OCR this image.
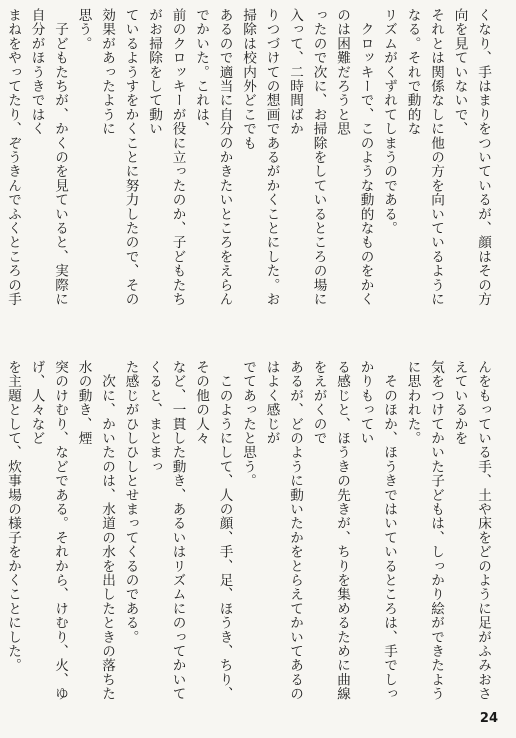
くなり、手はまりをついているが、顔はその方向を見ていないで、
それとは関係なしに他の方を向いているようになる。それで動的な
リズムがくずれてしまうのである。
　クロッキーで、このような動的なものをかくのは困難だろうと思
ったので次に、お掃除をしているところの場に入って、二時間ばか
りつづけての想画であるがかくことにした。お掃除は校内外どこでも
あるので適当に自分のかきたいところをえらんでかいた。これは、
前のクロッキーが役に立ったのか、子どもたちがお掃除をして動い
ているようすをかくことに努力したので、その効果があったように
思う。
　子どもたちが、かくのを見ていると、実際に自分がほうきではく
まねをやってたり、ぞうきんでふくところの手

んをもっている手、土や床をどのように足がふみおさえているかを
気をつけてかいた子どもは、しっかり絵ができたように思われた。
　そのほか、ほうきではいているところは、手でしっかりもってい
る感じと、ほうきの先きが、ちりを集めるために曲線をえがくので
あるが、どのように動いたかをとらえてかいてあるのはよく感じが
でてあったと思う。
　このようにして、人の顔、手、足、ほうき、ちり、その他の人々
など、一貫した動き、あるいはリズムにのってかいてくると、まとまっ
た感じがひしひしとせまってくるのである。
　次に、かいたのは、水道の水を出したときの落ちた水の動き、煙
突のけむり、などである。それから、けむり、火、ゆげ、人々など
を主題として、炊事場の様子をかくことにした。

24
